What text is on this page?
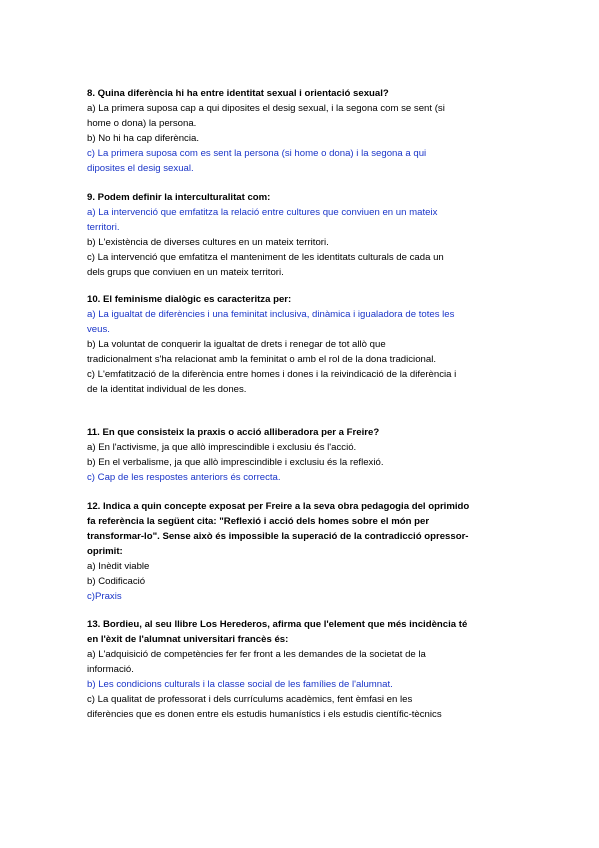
8. Quina diferència hi ha entre identitat sexual i orientació sexual?
a) La primera suposa cap a qui diposites el desig sexual, i la segona com se sent (si
home o dona) la persona.
b) No hi ha cap diferència.
c) La primera suposa com es sent la persona (si home o dona) i la segona a qui
diposites el desig sexual.
9. Podem definir la interculturalitat com:
a) La intervenció que emfatitza la relació entre cultures que conviuen en un mateix
territori.
b) L'existència de diverses cultures en un mateix territori.
c) La intervenció que emfatitza el manteniment de les identitats culturals de cada un
dels grups que conviuen en un mateix territori.
10. El feminisme dialògic es caracteritza per:
a) La igualtat de diferències i una feminitat inclusiva, dinàmica i igualadora de totes les
veus.
b) La voluntat de conquerir la igualtat de drets i renegar de tot allò que
tradicionalment s'ha relacionat amb la feminitat o amb el rol de la dona tradicional.
c) L'emfatització de la diferència entre homes i dones i la reivindicació de la diferència i
de la identitat individual de les dones.
11. En que consisteix la praxis o acció alliberadora per a Freire?
a) En l'activisme, ja que allò imprescindible i exclusiu és l'acció.
b) En el verbalisme, ja que allò imprescindible i exclusiu és la reflexió.
c) Cap de les respostes anteriors és correcta.
12. Indica a quin concepte exposat per Freire a la seva obra pedagogia del oprimido
fa referència la següent cita: "Reflexió i acció dels homes sobre el món per
transformar-lo". Sense això és impossible la superació de la contradicció opressor-
oprimit:
a) Inèdit viable
b) Codificació
c)Praxis
13. Bordieu, al seu llibre Los Herederos, afirma que l'element que més incidència té
en l'èxit de l'alumnat universitari francès és:
a) L'adquisició de competències fer fer front a les demandes de la societat de la
informació.
b) Les condicions culturals i la classe social de les famílies de l'alumnat.
c) La qualitat de professorat i dels currículums acadèmics, fent èmfasi en les
diferències que es donen entre els estudis humanístics i els estudis científic-tècnics
